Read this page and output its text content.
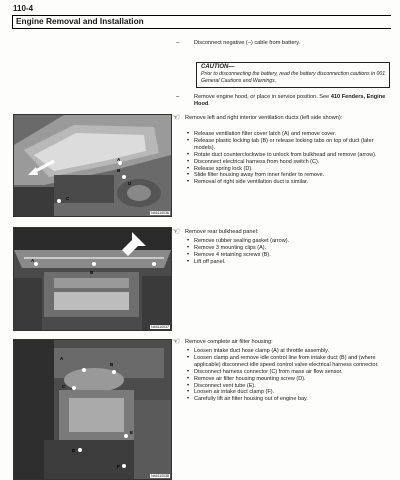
110-4
Engine Removal and Installation
–	Disconnect negative (–) cable from battery.
CAUTION—
Prior to disconnecting the battery, read the battery disconnection cautions in 001 General Cautions and Warnings.
–	Remove engine hood, or place in service position. See 410 Fenders, Engine Hood.
A
B
C
D
N46110036
☜ Remove left and right interior ventilation ducts (left side shown):
• Release ventilation filter cover latch (A) and remove cover.
• Release plastic locking tab (B) or release locking tabs on top of duct (later models).
• Rotate duct counterclockwise to unlock from bulkhead and remove (arrow).
• Disconnect electrical harness from hood switch (C).
• Release spring lock (D).
• Slide filter housing away from inner fender to remove.
• Removal of right side ventilation duct is similar.
A
B
N46110037
☜ Remove rear bulkhead panel:
• Remove rubber sealing gasket (arrow).
• Remove 3 mounting clips (A).
• Remove 4 retaining screws (B).
• Lift off panel.
A
B
C
D
E
F
N46110038
☜ Remove complete air filter housing:
• Loosen intake duct hose clamp (A) at throttle assembly.
• Loosen clamp and remove idle control line from intake duct (B) and (where applicable) disconnect idle speed control valve electrical harness connector.
• Disconnect harness connector (C) from mass air flow sensor.
• Remove air filter housing mounting screw (D).
• Disconnect vent tube (E).
• Loosen air intake duct clamp (F).
• Carefully lift air filter housing out of engine bay.
